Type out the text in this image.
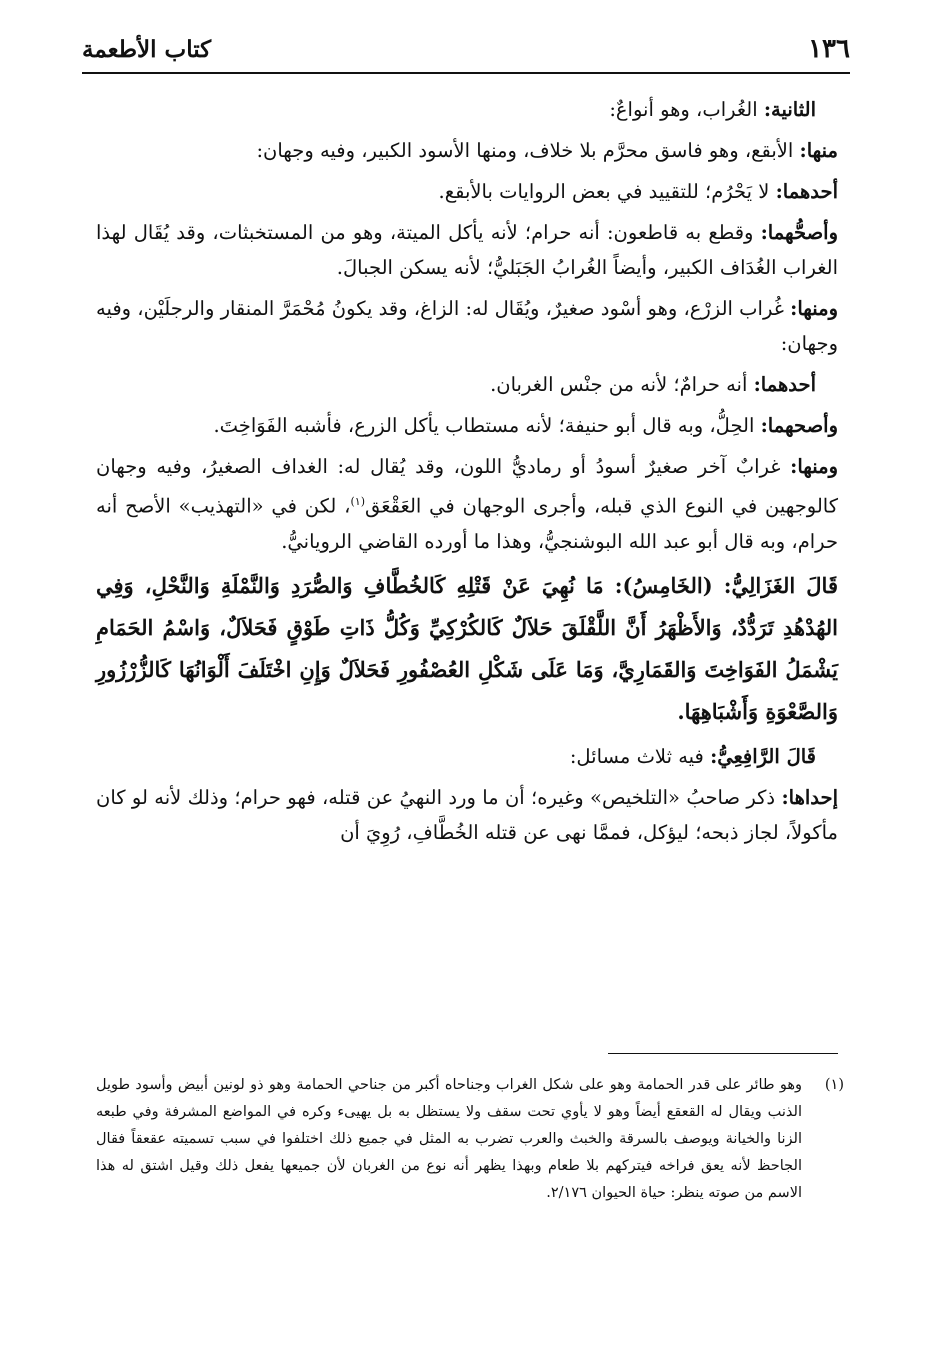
١٣٦
كتاب الأطعمة

الثانية: الغُراب، وهو أنواعٌ:

منها: الأبقع، وهو فاسق محرَّم بلا خلاف، ومنها الأسود الكبير، وفيه وجهان:

أحدهما: لا يَحْرُم؛ للتقييد في بعض الروايات بالأبقع.

وأصحُّهما: وقطع به قاطعون: أنه حرام؛ لأنه يأكل الميتة، وهو من المستخبثات، وقد يُقَال لهذا الغراب الغُدَاف الكبير، وأيضاً الغُرابُ الجَبَليُّ؛ لأنه يسكن الجبالَ.

ومنها: غُراب الزرْع، وهو أسْود صغيرٌ، ويُقَال له: الزاغ، وقد يكونُ مُحْمَرَّ المنقار والرجلَيْن، وفيه وجهان:

أحدهما: أنه حرامٌ؛ لأنه من جنْس الغربان.

وأصحهما: الحِلُّ، وبه قال أبو حنيفة؛ لأنه مستطاب يأكل الزرع، فأشبه الفَوَاخِتَ.

ومنها: غرابٌ آخر صغيرٌ أسودُ أو رماديُّ اللون، وقد يُقال له: الغداف الصغيرُ، وفيه وجهان كالوجهين في النوع الذي قبله، وأجرى الوجهان في العَقْعَق$^{(١)}$، لكن في «التهذيب» الأصح أنه حرام، وبه قال أبو عبد الله البوشنجيُّ، وهذا ما أورده القاضي الرويانيُّ.

قَالَ الغَزَالِيُّ: (الخَامِسُ): مَا نُهِيَ عَنْ قَتْلِهِ كَالخُطَّافِ وَالصُّرَدِ وَالنَّمْلَةِ وَالنَّحْلِ، وَفِي الهُدْهُدِ تَرَدُّدٌ، وَالأَظْهَرُ أَنَّ اللَّقْلَقَ حَلاَلٌ كَالكُرْكِيِّ وَكُلُّ ذَاتِ طَوْقٍ فَحَلاَلٌ، وَاسْمُ الحَمَامِ يَشْمَلُ الفَوَاخِتَ وَالقَمَارِيَّ، وَمَا عَلَى شَكْلِ العُصْفُورِ فَحَلاَلٌ وَإِنِ اخْتَلَفَ أَلْوَانُهَا كَالزُّرْزُورِ وَالصَّعْوَةِ وَأَشْبَاهِهَا.

قَالَ الرَّافِعِيُّ: فيه ثلاث مسائل:

إحداها: ذكر صاحبُ «التلخيص» وغيره؛ أن ما ورد النهيُ عن قتله، فهو حرام؛ وذلك لأنه لو كان مأكولاً، لجاز ذبحه؛ ليؤكل، فممَّا نهى عن قتله الخُطَّافِ، رُوِيَ أن

(١)
وهو طائر على قدر الحمامة وهو على شكل الغراب وجناحاه أكبر من جناحي الحمامة وهو ذو لونين أبيض وأسود طويل الذنب ويقال له القعقع أيضاً وهو لا يأوي تحت سقف ولا يستظل به بل يهيىء وكره في المواضع المشرفة وفي طبعه الزنا والخيانة ويوصف بالسرقة والخبث والعرب تضرب به المثل في جميع ذلك اختلفوا في سبب تسميته عقعقاً فقال الجاحظ لأنه يعق فراخه فيتركهم بلا طعام وبهذا يظهر أنه نوع من الغربان لأن جميعها يفعل ذلك وقيل اشتق له هذا الاسم من صوته ينظر: حياة الحيوان ٢/١٧٦.
